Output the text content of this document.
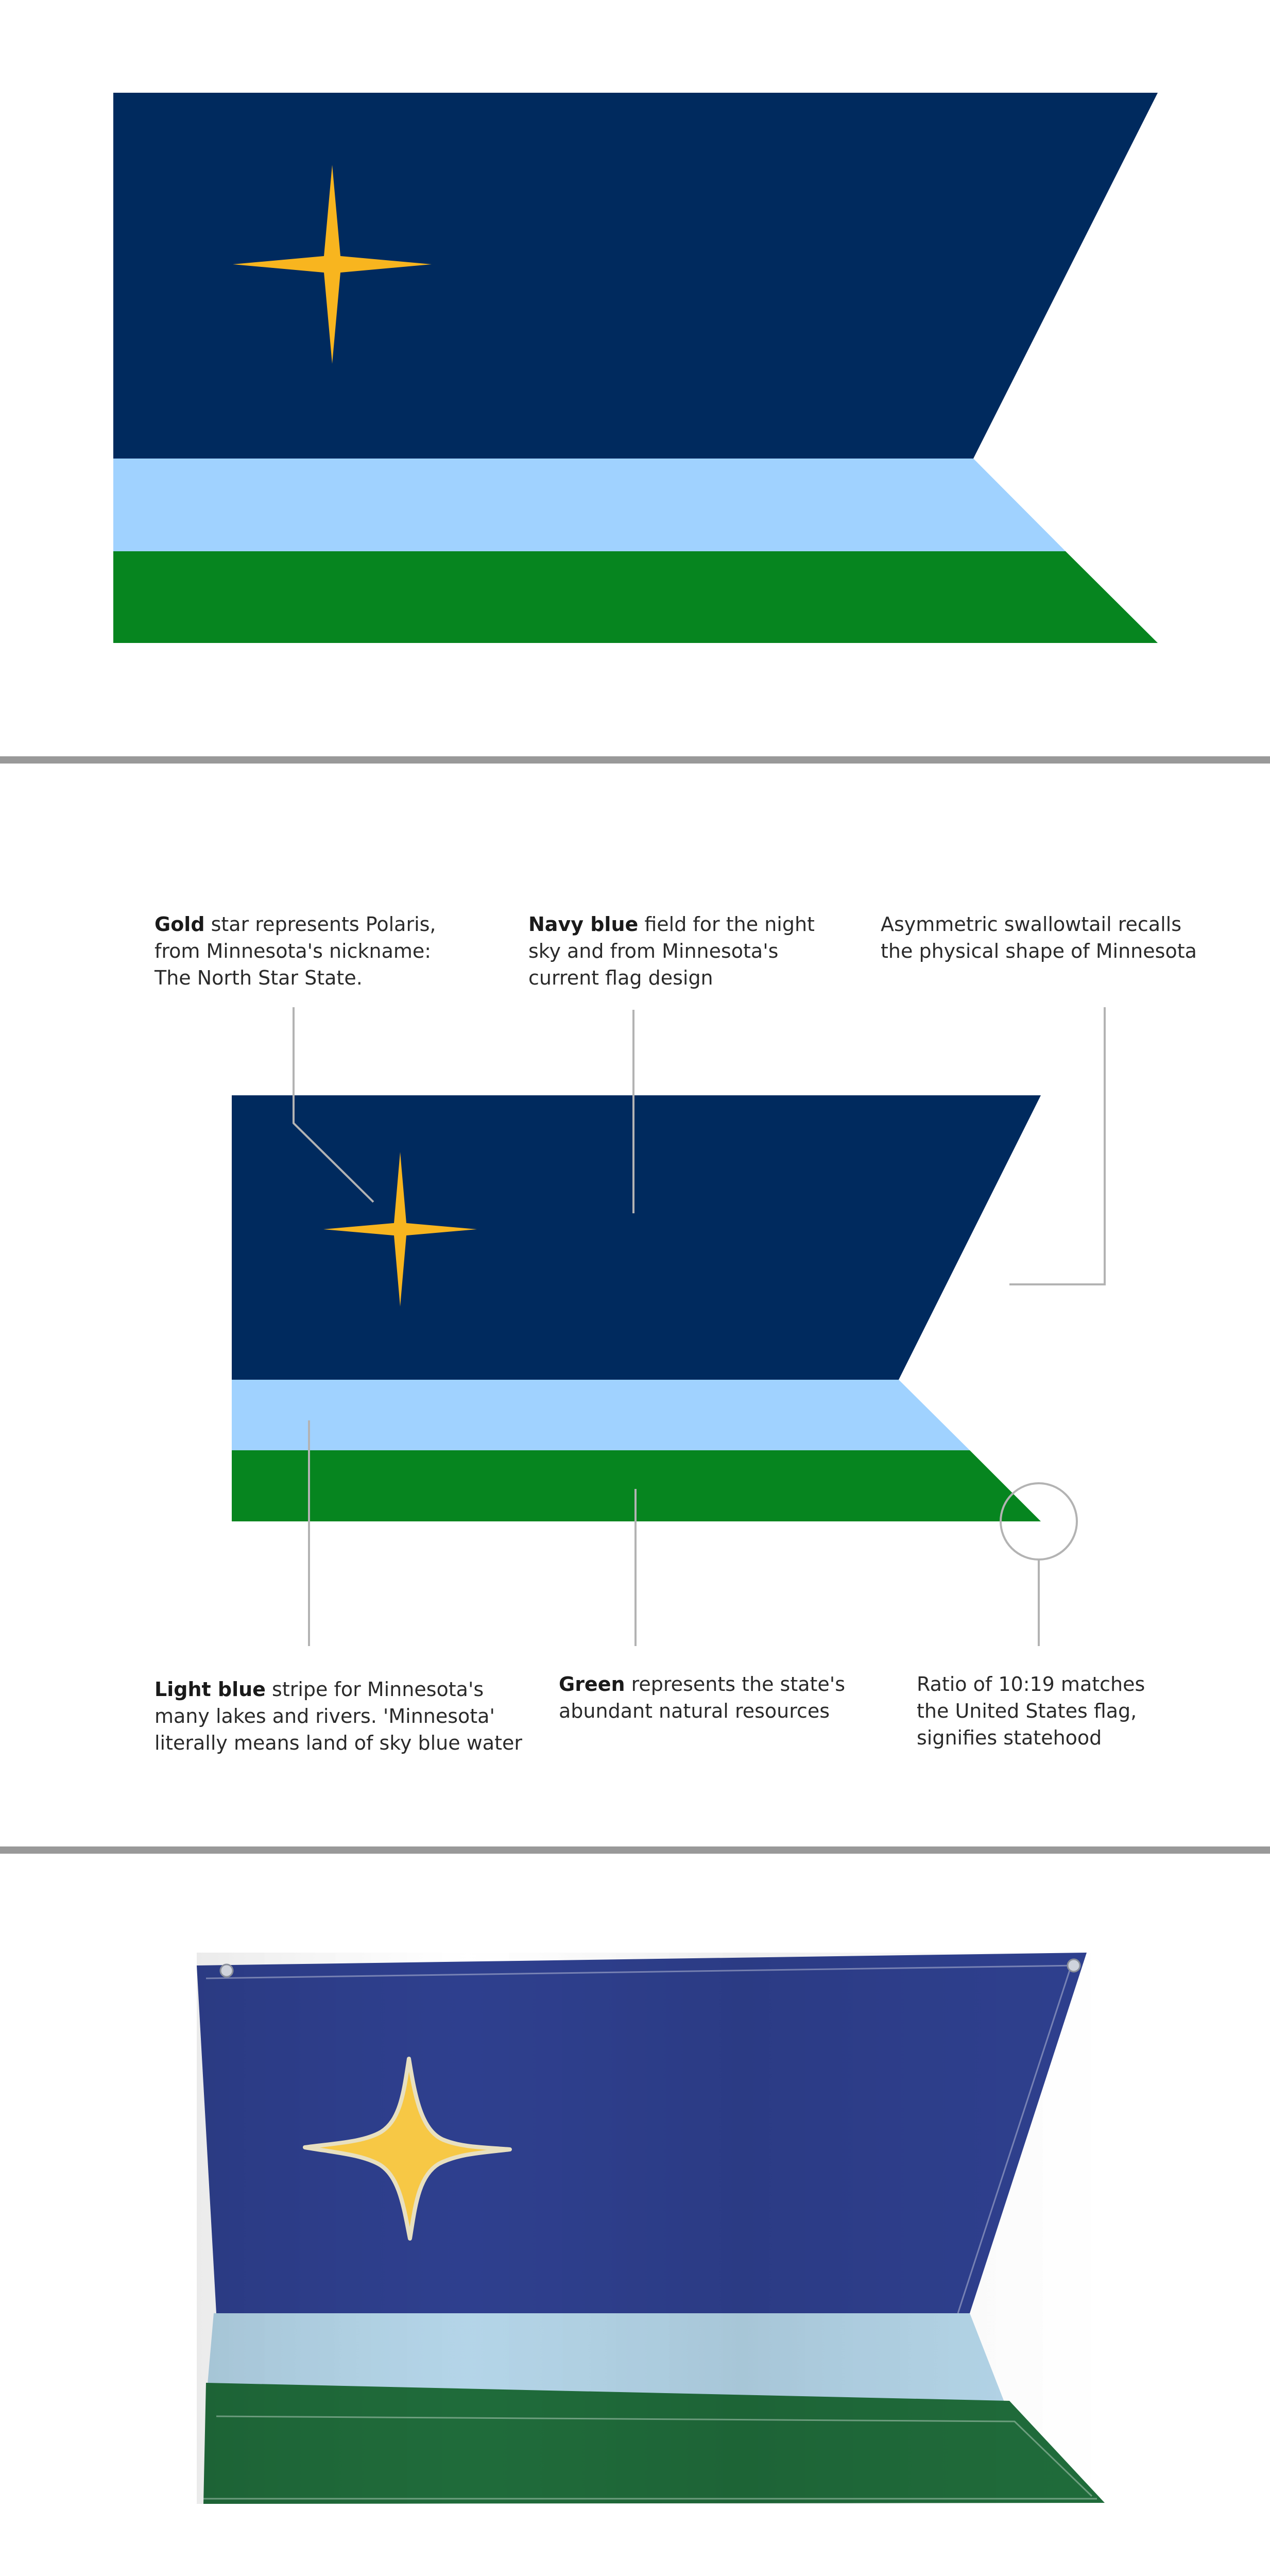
Gold star represents Polaris,
from Minnesota's nickname:
The North Star State.

Navy blue field for the night
sky and from Minnesota's
current flag design

Asymmetric swallowtail recalls
the physical shape of Minnesota

Light blue stripe for Minnesota's
many lakes and rivers. 'Minnesota'
literally means land of sky blue water

Green represents the state's
abundant natural resources

Ratio of 10:19 matches
the United States flag,
signifies statehood
